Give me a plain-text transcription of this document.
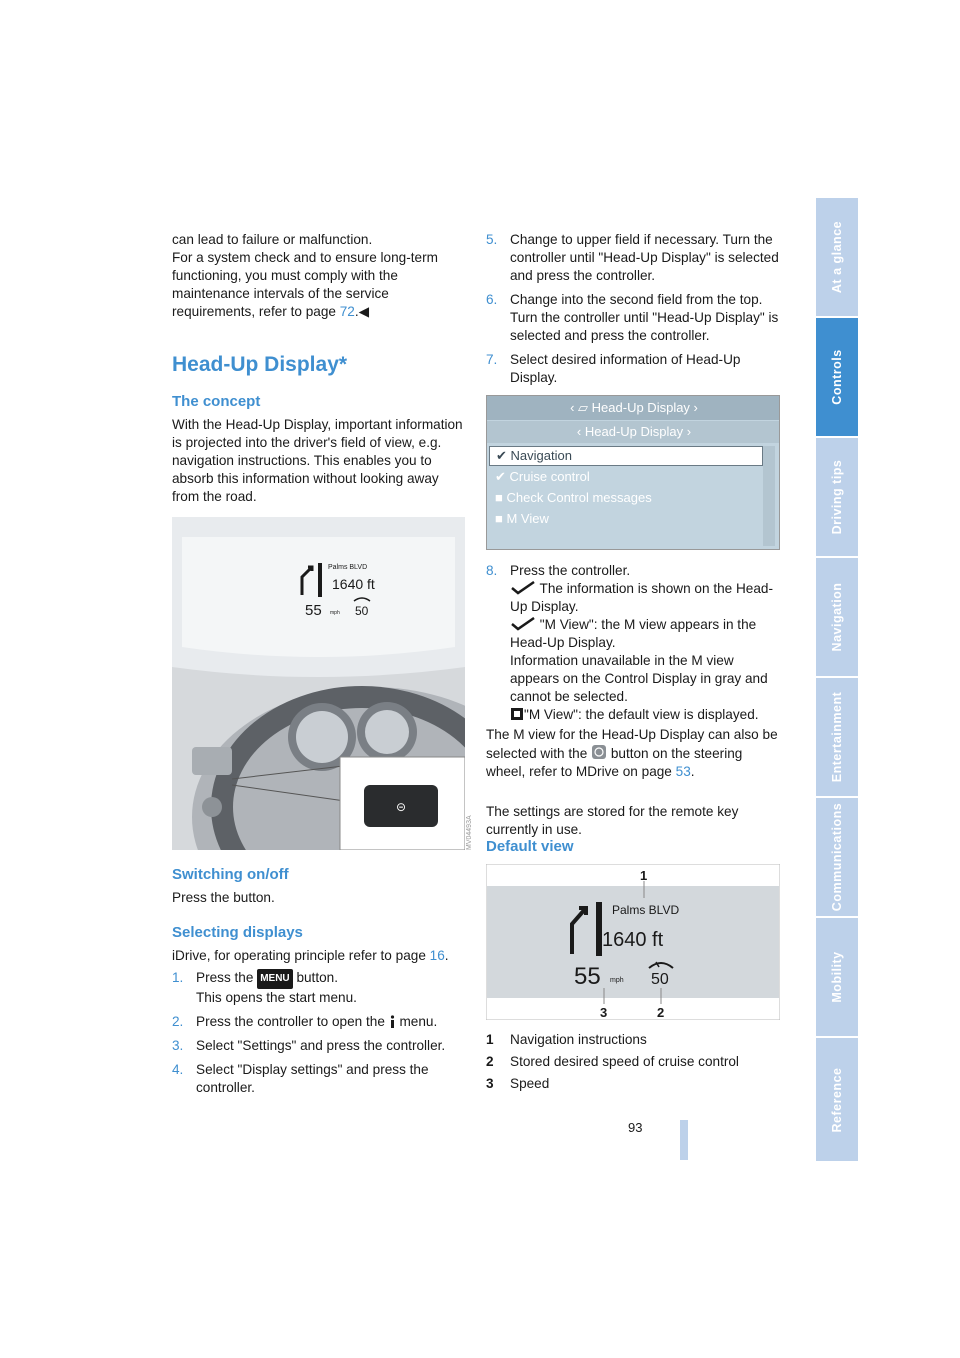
can lead to failure or malfunction.

For a system check and to ensure long-term functioning, you must comply with the maintenance intervals of the service requirements, refer to page 72.◀

Head-Up Display*
The concept

With the Head-Up Display, important information is projected into the driver's field of view, e.g. navigation instructions. This enables you to absorb this information without looking away from the road.

⊝
Palms BLVD
1640 ft
55 mph 50
MV04493A
Switching on/off

Press the button.

Selecting displays

iDrive, for operating principle refer to page 16.

1. Press the MENU button.

This opens the start menu.

2. Press the controller to open the menu.

3. Select "Settings" and press the controller.

4. Select "Display settings" and press the controller.

5. Change to upper field if necessary. Turn the controller until "Head-Up Display" is selected and press the controller.

6. Change into the second field from the top. Turn the controller until "Head-Up Display" is selected and press the controller.

7. Select desired information of Head-Up Display.

‹ ▱ Head-Up Display ›
‹ Head-Up Display ›
✔ Navigation
✔ Cruise control
■ Check Control messages
■ M View
8. Press the controller.

The information is shown on the Head-Up Display.

"M View": the M view appears in the Head-Up Display.

Information unavailable in the M view appears on the Control Display in gray and cannot be selected.

"M View": the default view is displayed.

The M view for the Head-Up Display can also be selected with the button on the steering wheel, refer to MDrive on page 53.

The settings are stored for the remote key currently in use.

Default view
Palms BLVD
1640 ft
55 mph 50
1
2
3
1 Navigation instructions
2 Stored desired speed of cruise control
3 Speed
93
At a glance
Controls
Driving tips
Navigation
Entertainment
Communications
Mobility
Reference
